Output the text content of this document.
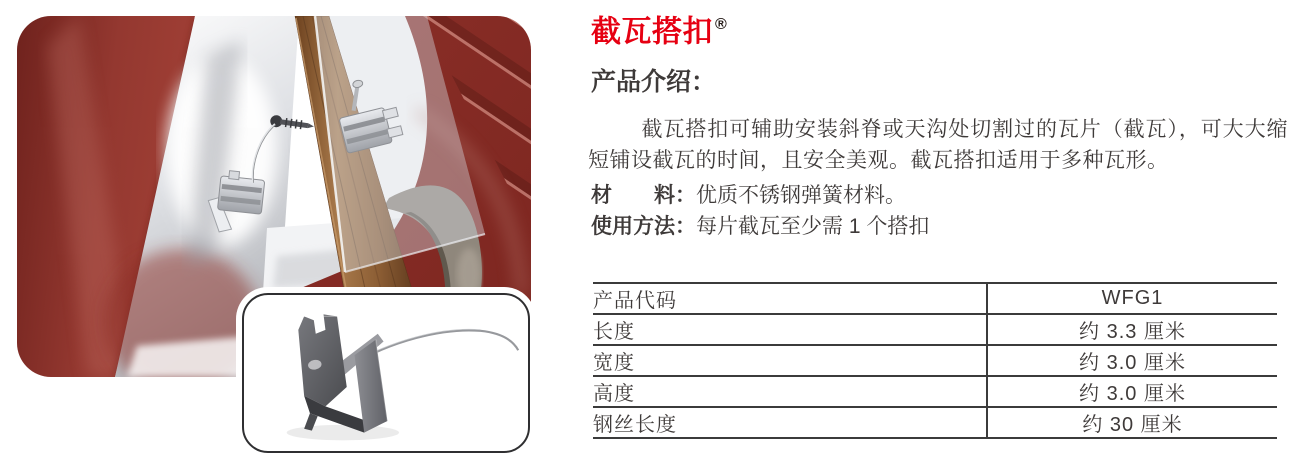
截瓦搭扣 ®
产品介绍：
截瓦搭扣可辅助安装斜脊或天沟处切割过的瓦片（截瓦），可大大缩短铺设截瓦的时间，且安全美观。截瓦搭扣适用于多种瓦形。
材　　料：优质不锈钢弹簧材料。
使用方法：每片截瓦至少需 1 个搭扣
产品代码	WFG1
长度	约 3.3 厘米
宽度	约 3.0 厘米
高度	约 3.0 厘米
钢丝长度	约 30 厘米
